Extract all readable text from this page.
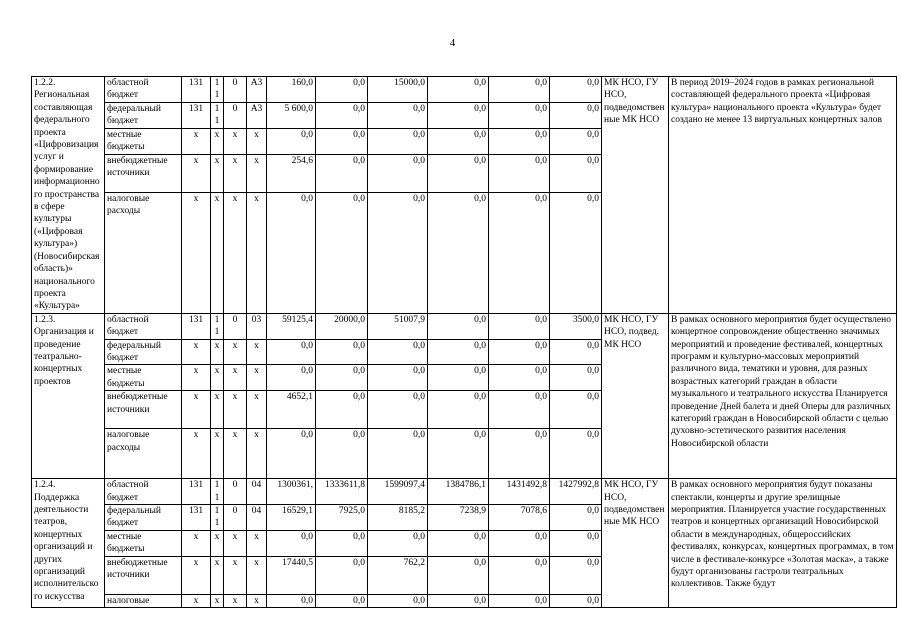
4
1.2.2. Региональная составляющая федерального проекта «Цифровизация услуг и формирование информационного пространства в сфере культуры («Цифровая культура») (Новосибирская область)» национального проекта «Культура»	областной бюджет	131	11	0	А3	160,0	0,0	15000,0	0,0	0,0	0,0	МК НСО, ГУ НСО, подведомственные МК НСО	В период 2019–2024 годов в рамках региональной составляющей федерального проекта «Цифровая культура» национального проекта «Культура» будет создано не менее 13 виртуальных концертных залов
	федеральный бюджет	131	11	0	А3	5 600,0	0,0	0,0	0,0	0,0	0,0		
	местные бюджеты	х	х	х	х	0,0	0,0	0,0	0,0	0,0	0,0		
	внебюджетные источники	х	х	х	х	254,6	0,0	0,0	0,0	0,0	0,0		
	налоговые расходы	х	х	х	х	0,0	0,0	0,0	0,0	0,0	0,0		
1.2.3. Организация и проведение театрально-концертных проектов	областной бюджет	131	11	0	03	59125,4	20000,0	51007,9	0,0	0,0	3500,0	МК НСО, ГУ НСО, подвед. МК НСО	В рамках основного мероприятия будет осуществлено концертное сопровождение общественно значимых мероприятий и проведение фестивалей, концертных программ и культурно-массовых мероприятий различного вида, тематики и уровня, для разных возрастных категорий граждан в области музыкального и театрального искусства Планируется проведение Дней балета и дней Оперы для различных категорий граждан в Новосибирской области с целью духовно-эстетического развития населения Новосибирской области
	федеральный бюджет	х	х	х	х	0,0	0,0	0,0	0,0	0,0	0,0		
	местные бюджеты	х	х	х	х	0,0	0,0	0,0	0,0	0,0	0,0		
	внебюджетные источники	х	х	х	х	4652,1	0,0	0,0	0,0	0,0	0,0		
	налоговые расходы	х	х	х	х	0,0	0,0	0,0	0,0	0,0	0,0		
1.2.4. Поддержка деятельности театров, концертных организаций и других организаций исполнительского искусства	областной бюджет	131	11	0	04	1300361,	1333611,8	1599097,4	1384786,1	1431492,8	1427992,8	МК НСО, ГУ НСО, подведомственные МК НСО	В рамках основного мероприятия будут показаны спектакли, концерты и другие зрелищные мероприятия. Планируется участие государственных театров и концертных организаций Новосибирской области в международных, общероссийских фестивалях, конкурсах, концертных программах, в том числе в фестивале-конкурсе «Золотая маска», а также будут организованы гастроли театральных коллективов. Также будут
	федеральный бюджет	131	11	0	04	16529,1	7925,0	8185,2	7238,9	7078,6	0,0		
	местные бюджеты	х	х	х	х	0,0	0,0	0,0	0,0	0,0	0,0		
	внебюджетные источники	х	х	х	х	17440,5	0,0	762,2	0,0	0,0	0,0		
	налоговые	х	х	х	х	0,0	0,0	0,0	0,0	0,0	0,0		
